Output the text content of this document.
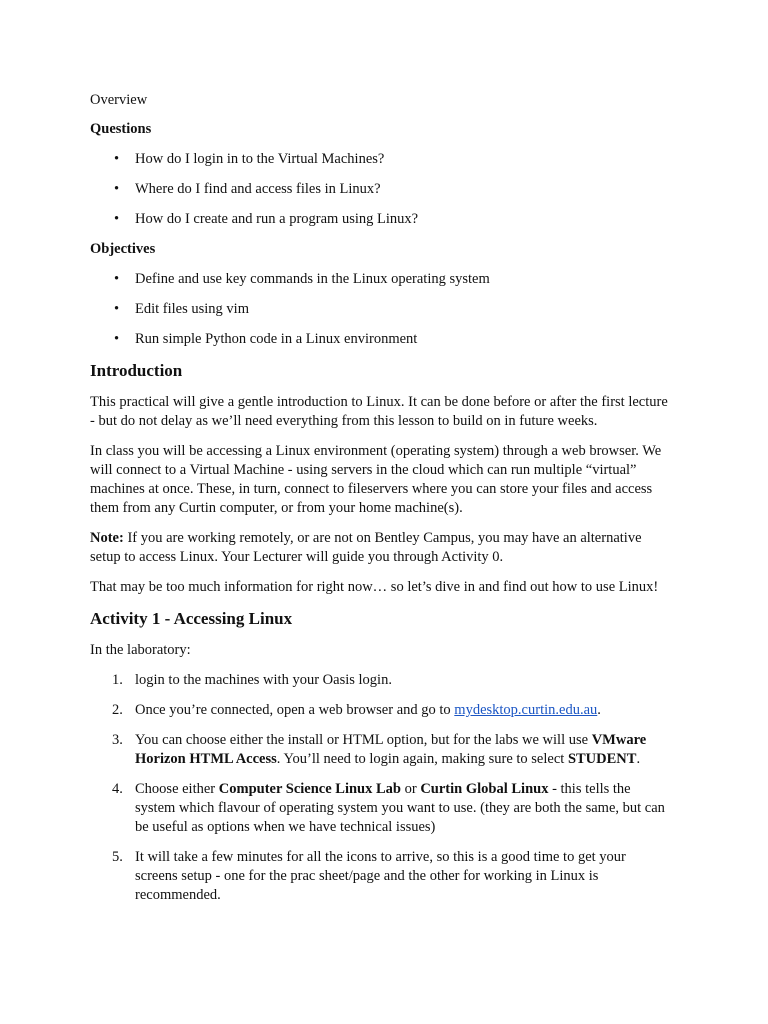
Overview

Questions

• How do I login in to the Virtual Machines?
• Where do I find and access files in Linux?
• How do I create and run a program using Linux?

Objectives

• Define and use key commands in the Linux operating system
• Edit files using vim
• Run simple Python code in a Linux environment
Introduction

This practical will give a gentle introduction to Linux. It can be done before or after the first lecture - but do not delay as we’ll need everything from this lesson to build on in future weeks.

In class you will be accessing a Linux environment (operating system) through a web browser. We will connect to a Virtual Machine - using servers in the cloud which can run multiple “virtual” machines at once. These, in turn, connect to fileservers where you can store your files and access them from any Curtin computer, or from your home machine(s).

Note: If you are working remotely, or are not on Bentley Campus, you may have an alternative setup to access Linux. Your Lecturer will guide you through Activity 0.

That may be too much information for right now… so let’s dive in and find out how to use Linux!

Activity 1 - Accessing Linux

In the laboratory:

1. login to the machines with your Oasis login.
2. Once you’re connected, open a web browser and go to mydesktop.curtin.edu.au.
3. You can choose either the install or HTML option, but for the labs we will use VMware Horizon HTML Access. You’ll need to login again, making sure to select STUDENT.
4. Choose either Computer Science Linux Lab or Curtin Global Linux - this tells the system which flavour of operating system you want to use. (they are both the same, but can be useful as options when we have technical issues)
5. It will take a few minutes for all the icons to arrive, so this is a good time to get your screens setup - one for the prac sheet/page and the other for working in Linux is recommended.
